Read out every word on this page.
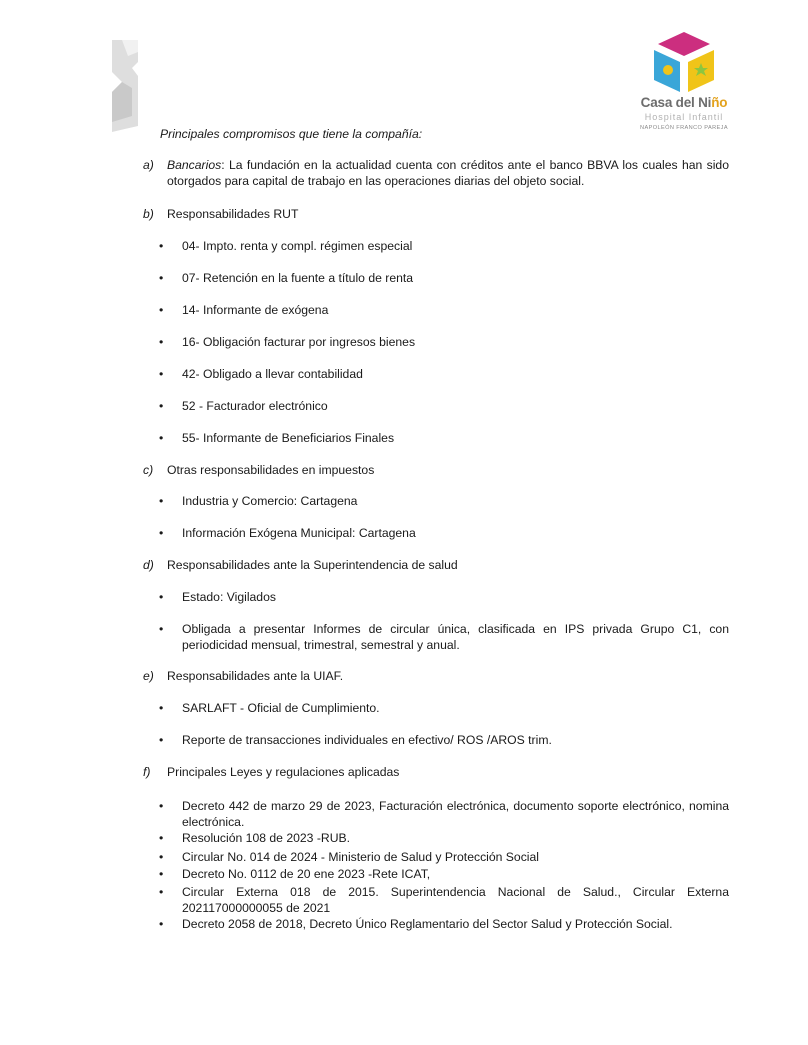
Casa del Niño
Hospital Infantil
NAPOLEÓN FRANCO PAREJA
Principales compromisos que tiene la compañía:
a) Bancarios: La fundación en la actualidad cuenta con créditos ante el banco BBVA los cuales han sido otorgados para capital de trabajo en las operaciones diarias del objeto social.
b) Responsabilidades RUT
• 04- Impto. renta y compl. régimen especial
• 07- Retención en la fuente a título de renta
• 14- Informante de exógena
• 16- Obligación facturar por ingresos bienes
• 42- Obligado a llevar contabilidad
• 52 - Facturador electrónico
• 55- Informante de Beneficiarios Finales
c) Otras responsabilidades en impuestos
• Industria y Comercio: Cartagena
• Información Exógena Municipal: Cartagena
d) Responsabilidades ante la Superintendencia de salud
• Estado: Vigilados
• Obligada a presentar Informes de circular única, clasificada en IPS privada Grupo C1, con periodicidad mensual, trimestral, semestral y anual.
e) Responsabilidades ante la UIAF.
• SARLAFT - Oficial de Cumplimiento.
• Reporte de transacciones individuales en efectivo/ ROS /AROS trim.
f) Principales Leyes y regulaciones aplicadas
• Decreto 442 de marzo 29 de 2023, Facturación electrónica, documento soporte electrónico, nomina electrónica.
• Resolución 108 de 2023 -RUB.
• Circular No. 014 de 2024 - Ministerio de Salud y Protección Social
• Decreto No. 0112 de 20 ene 2023 -Rete ICAT,
• Circular Externa 018 de 2015. Superintendencia Nacional de Salud., Circular Externa 202117000000055 de 2021
• Decreto 2058 de 2018, Decreto Único Reglamentario del Sector Salud y Protección Social.
